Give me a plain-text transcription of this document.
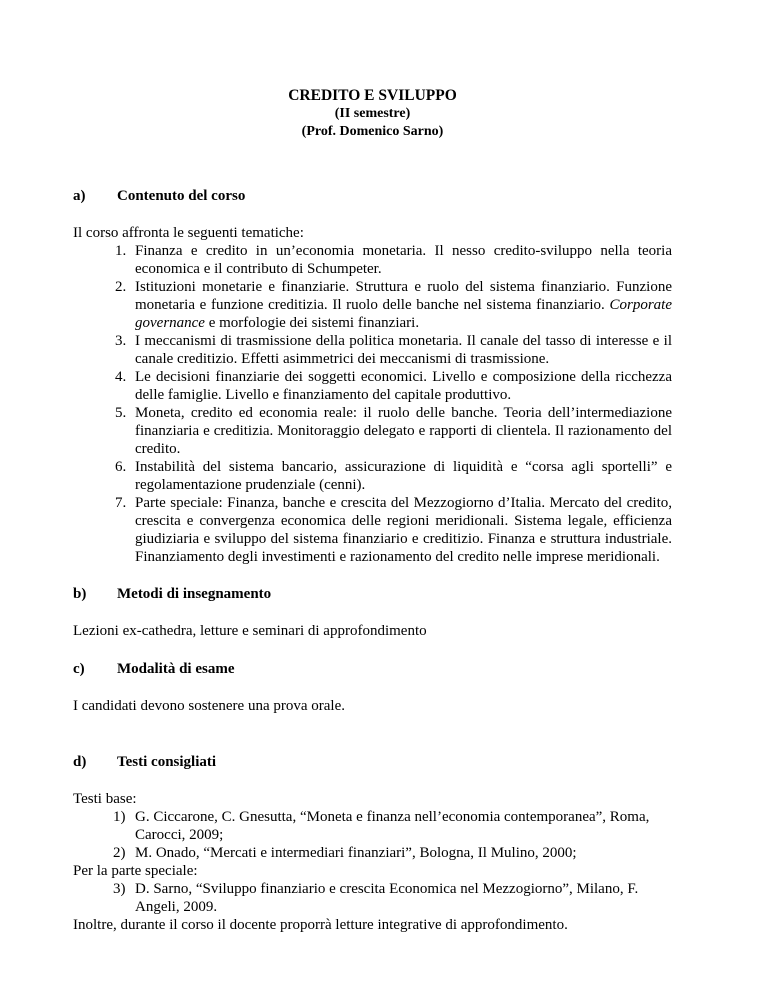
CREDITO E SVILUPPO
(II semestre)
(Prof. Domenico Sarno)
a)	Contenuto del corso

Il corso affronta le seguenti tematiche:

1. Finanza e credito in un’economia monetaria. Il nesso credito-sviluppo nella teoria economica e il contributo di Schumpeter.
2. Istituzioni monetarie e finanziarie. Struttura e ruolo del sistema finanziario. Funzione monetaria e funzione creditizia. Il ruolo delle banche nel sistema finanziario. Corporate governance e morfologie dei sistemi finanziari.
3. I meccanismi di trasmissione della politica monetaria. Il canale del tasso di interesse e il canale creditizio. Effetti asimmetrici dei meccanismi di trasmissione.
4. Le decisioni finanziarie dei soggetti economici. Livello e composizione della ricchezza delle famiglie. Livello e finanziamento del capitale produttivo.
5. Moneta, credito ed economia reale: il ruolo delle banche. Teoria dell’intermediazione finanziaria e creditizia. Monitoraggio delegato e rapporti di clientela. Il razionamento del credito.
6. Instabilità del sistema bancario, assicurazione di liquidità e “corsa agli sportelli” e regolamentazione prudenziale (cenni).
7. Parte speciale: Finanza, banche e crescita del Mezzogiorno d’Italia. Mercato del credito, crescita e convergenza economica delle regioni meridionali. Sistema legale, efficienza giudiziaria e sviluppo del sistema finanziario e creditizio. Finanza e struttura industriale. Finanziamento degli investimenti e razionamento del credito nelle imprese meridionali.
b)	Metodi di insegnamento

Lezioni ex-cathedra, letture e seminari di approfondimento

c)	Modalità di esame

I candidati devono sostenere una prova orale.

d)	Testi consigliati

Testi base:

1) G. Ciccarone, C. Gnesutta, “Moneta e finanza nell’economia contemporanea”, Roma, Carocci, 2009;
2) M. Onado, “Mercati e intermediari finanziari”, Bologna, Il Mulino, 2000;

Per la parte speciale:

3) D. Sarno, “Sviluppo finanziario e crescita Economica nel Mezzogiorno”, Milano, F. Angeli, 2009.

Inoltre, durante il corso il docente proporrà letture integrative di approfondimento.
